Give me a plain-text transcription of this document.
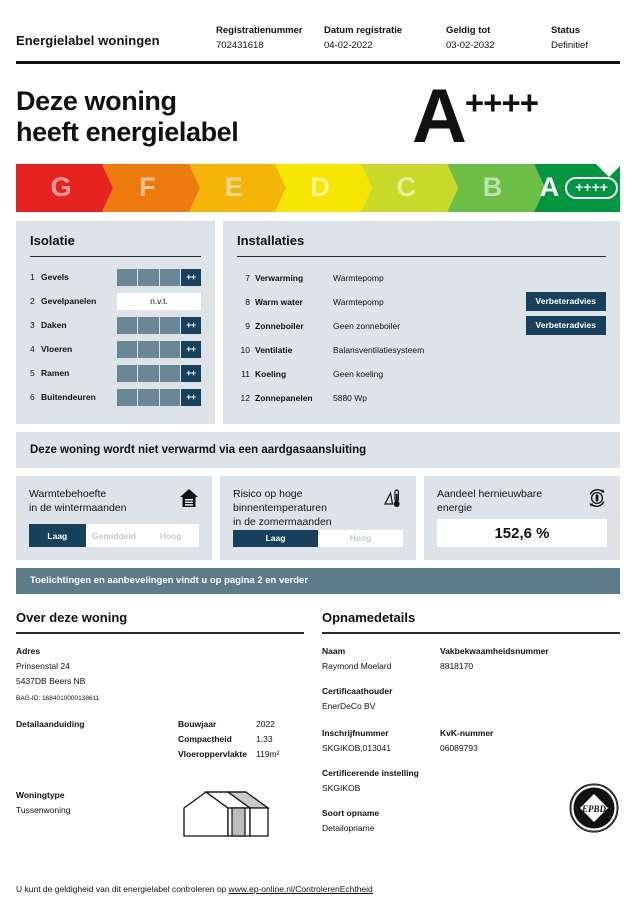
Energielabel woningen
Registratienummer
702431618
Datum registratie
04-02-2022
Geldig tot
03-02-2032
Status
Definitief
Deze woning
heeft energielabel	A ++++
G	F	E	D C B A	++++
Isolatie
1 Gevels	++
2 Gevelpanelen	n.v.t.
3 Daken	++
4 Vloeren	++
5 Ramen	++
6 Buitendeuren	++
Installaties
7 Verwarming	Warmtepomp
8 Warm water	Warmtepomp	Verbeteradvies
9 Zonneboiler	Geen zonneboiler	Verbeteradvies
10 Ventilatie	Balansventilatiesysteem
11 Koeling	Geen koeling
12 Zonnepanelen	5880 Wp
Deze woning wordt niet verwarmd via een aardgasaansluiting
Warmtebehoefte
in de wintermaanden
Laag	Gemiddeld	Hoog
Risico op hoge
binnentemperaturen
in de zomermaanden
Laag	Hoog
Aandeel hernieuwbare
energie
152,6 %
Toelichtingen en aanbevelingen vindt u op pagina 2 en verder
Over deze woning
Adres
Prinsenstal 24
5437DB Beers NB
BAG-ID: 1684010000138611
Detailaanduiding	Bouwjaar	2022
Compactheid	1,33
Vloeroppervlakte	119m²
Woningtype
Tussenwoning
Opnamedetails
Naam
Raymond Moelard
Vakbekwaamheidsnummer
8818170
Certificaathouder
EnerDeCo BV
Inschrijfnummer
SKGIKOB,013041
KvK-nummer
06089793
Certificerende instelling
SKGIKOB
Soort opname
Detailopname
EPBD
U kunt de geldigheid van dit energielabel controleren op www.ep-online.nl/ControlerenEchtheid
